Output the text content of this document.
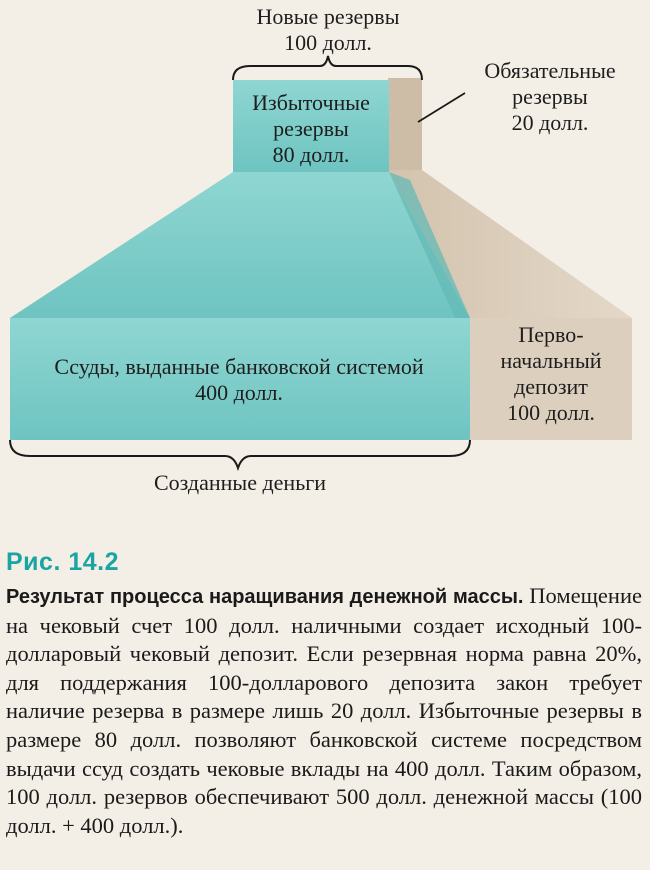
Новые резервы
100 долл.
Избыточные
резервы
80 долл.
Обязательные
резервы
20 долл.
Ссуды, выданные банковской системой
400 долл.
Перво-
начальный
депозит
100 долл.
Созданные деньги
Рис. 14.2
Результат процесса наращивания денежной массы. Помещение на чековый счет 100 долл. наличными создает исходный 100-долларовый чековый депозит. Если резервная норма равна 20%, для поддержания 100-долларового депозита закон требует наличие резерва в размере лишь 20 долл. Избыточные резервы в размере 80 долл. позволяют банковской системе посредством выдачи ссуд создать чековые вклады на 400 долл. Таким образом, 100 долл. резервов обеспечивают 500 долл. денежной массы (100 долл. + 400 долл.).
